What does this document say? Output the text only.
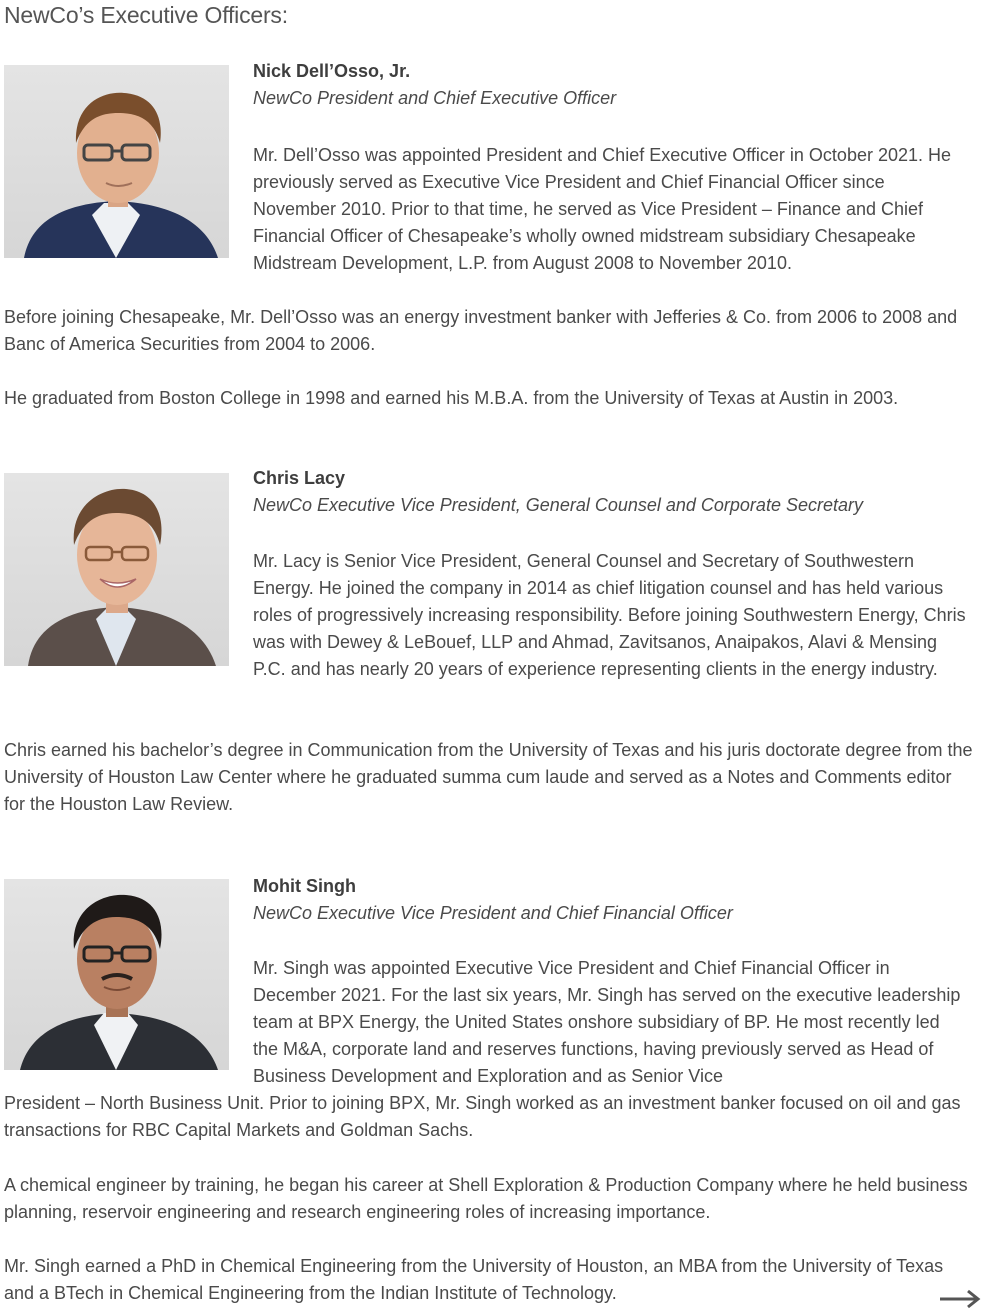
NewCo’s Executive Officers:
Nick Dell’Osso, Jr.
NewCo President and Chief Executive Officer

Mr. Dell’Osso was appointed President and Chief Executive Officer in October 2021. He previously served as Executive Vice President and Chief Financial Officer since November 2010. Prior to that time, he served as Vice President – Finance and Chief Financial Officer of Chesapeake’s wholly owned midstream subsidiary Chesapeake Midstream Development, L.P. from August 2008 to November 2010.

Before joining Chesapeake, Mr. Dell’Osso was an energy investment banker with Jefferies & Co. from 2006 to 2008 and Banc of America Securities from 2004 to 2006.

He graduated from Boston College in 1998 and earned his M.B.A. from the University of Texas at Austin in 2003.

Chris Lacy
NewCo Executive Vice President, General Counsel and Corporate Secretary

Mr. Lacy is Senior Vice President, General Counsel and Secretary of Southwestern Energy. He joined the company in 2014 as chief litigation counsel and has held various roles of progressively increasing responsibility. Before joining Southwestern Energy, Chris was with Dewey & LeBouef, LLP and Ahmad, Zavitsanos, Anaipakos, Alavi & Mensing P.C. and has nearly 20 years of experience representing clients in the energy industry.

Chris earned his bachelor’s degree in Communication from the University of Texas and his juris doctorate degree from the University of Houston Law Center where he graduated summa cum laude and served as a Notes and Comments editor for the Houston Law Review.

Mohit Singh
NewCo Executive Vice President and Chief Financial Officer

Mr. Singh was appointed Executive Vice President and Chief Financial Officer in December 2021. For the last six years, Mr. Singh has served on the executive leadership team at BPX Energy, the United States onshore subsidiary of BP. He most recently led the M&A, corporate land and reserves functions, having previously served as Head of Business Development and Exploration and as Senior Vice

President – North Business Unit. Prior to joining BPX, Mr. Singh worked as an investment banker focused on oil and gas transactions for RBC Capital Markets and Goldman Sachs.

A chemical engineer by training, he began his career at Shell Exploration & Production Company where he held business planning, reservoir engineering and research engineering roles of increasing importance.

Mr. Singh earned a PhD in Chemical Engineering from the University of Houston, an MBA from the University of Texas and a BTech in Chemical Engineering from the Indian Institute of Technology.
